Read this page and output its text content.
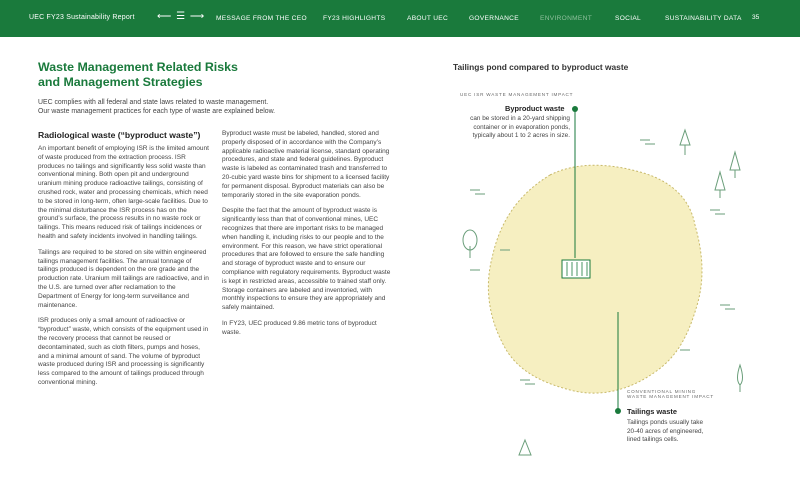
UEC FY23 Sustainability Report ⟵ ☰ ⟶ MESSAGE FROM THE CEO FY23 HIGHLIGHTS	ABOUT UEC	GOVERNANCE	ENVIRONMENT	SOCIAL	SUSTAINABILITY DATA 35
Waste Management Related Risks
and Management Strategies
UEC complies with all federal and state laws related to waste management.
Our waste management practices for each type of waste are explained below.
Radiological waste (“byproduct waste”)

An important benefit of employing ISR is the limited amount of waste produced from the extraction process. ISR produces no tailings and significantly less solid waste than conventional mining. Both open pit and underground uranium mining produce radioactive tailings, consisting of crushed rock, water and processing chemicals, which need to be stored in long-term, often large-scale facilities. Due to the minimal disturbance the ISR process has on the ground’s surface, the process results in no waste rock or tailings. This means reduced risk of tailings incidences or health and safety incidents involved in handling tailings.

Tailings are required to be stored on site within engineered tailings management facilities. The annual tonnage of tailings produced is dependent on the ore grade and the production rate. Uranium mill tailings are radioactive, and in the U.S. are turned over after reclamation to the Department of Energy for long-term surveillance and maintenance.

ISR produces only a small amount of radioactive or “byproduct” waste, which consists of the equipment used in the recovery process that cannot be reused or decontaminated, such as cloth filters, pumps and hoses, and a minimal amount of sand. The volume of byproduct waste produced during ISR and processing is significantly less compared to the amount of tailings produced through conventional mining.

Byproduct waste must be labeled, handled, stored and properly disposed of in accordance with the Company’s applicable radioactive material license, standard operating procedures, and state and federal guidelines. Byproduct waste is labeled as contaminated trash and transferred to 20-cubic yard waste bins for shipment to a licensed facility for permanent disposal. Byproduct materials can also be temporarily stored in the site evaporation ponds.

Despite the fact that the amount of byproduct waste is significantly less than that of conventional mines, UEC recognizes that there are important risks to be managed when handling it, including risks to our people and to the environment. For this reason, we have strict operational procedures that are followed to ensure the safe handling and storage of byproduct waste and to ensure our compliance with regulatory requirements. Byproduct waste is kept in restricted areas, accessible to trained staff only. Storage containers are labeled and inventoried, with monthly inspections to ensure they are appropriately and safely maintained.

In FY23, UEC produced 9.86 metric tons of byproduct waste.

Tailings pond compared to byproduct waste
UEC ISR WASTE MANAGEMENT IMPACT
Byproduct waste
can be stored in a 20-yard shipping
container or in evaporation ponds,
typically about 1 to 2 acres in size.
CONVENTIONAL MINING
WASTE MANAGEMENT IMPACT
Tailings waste
Tailings ponds usually take
20-40 acres of engineered,
lined tailings cells.
